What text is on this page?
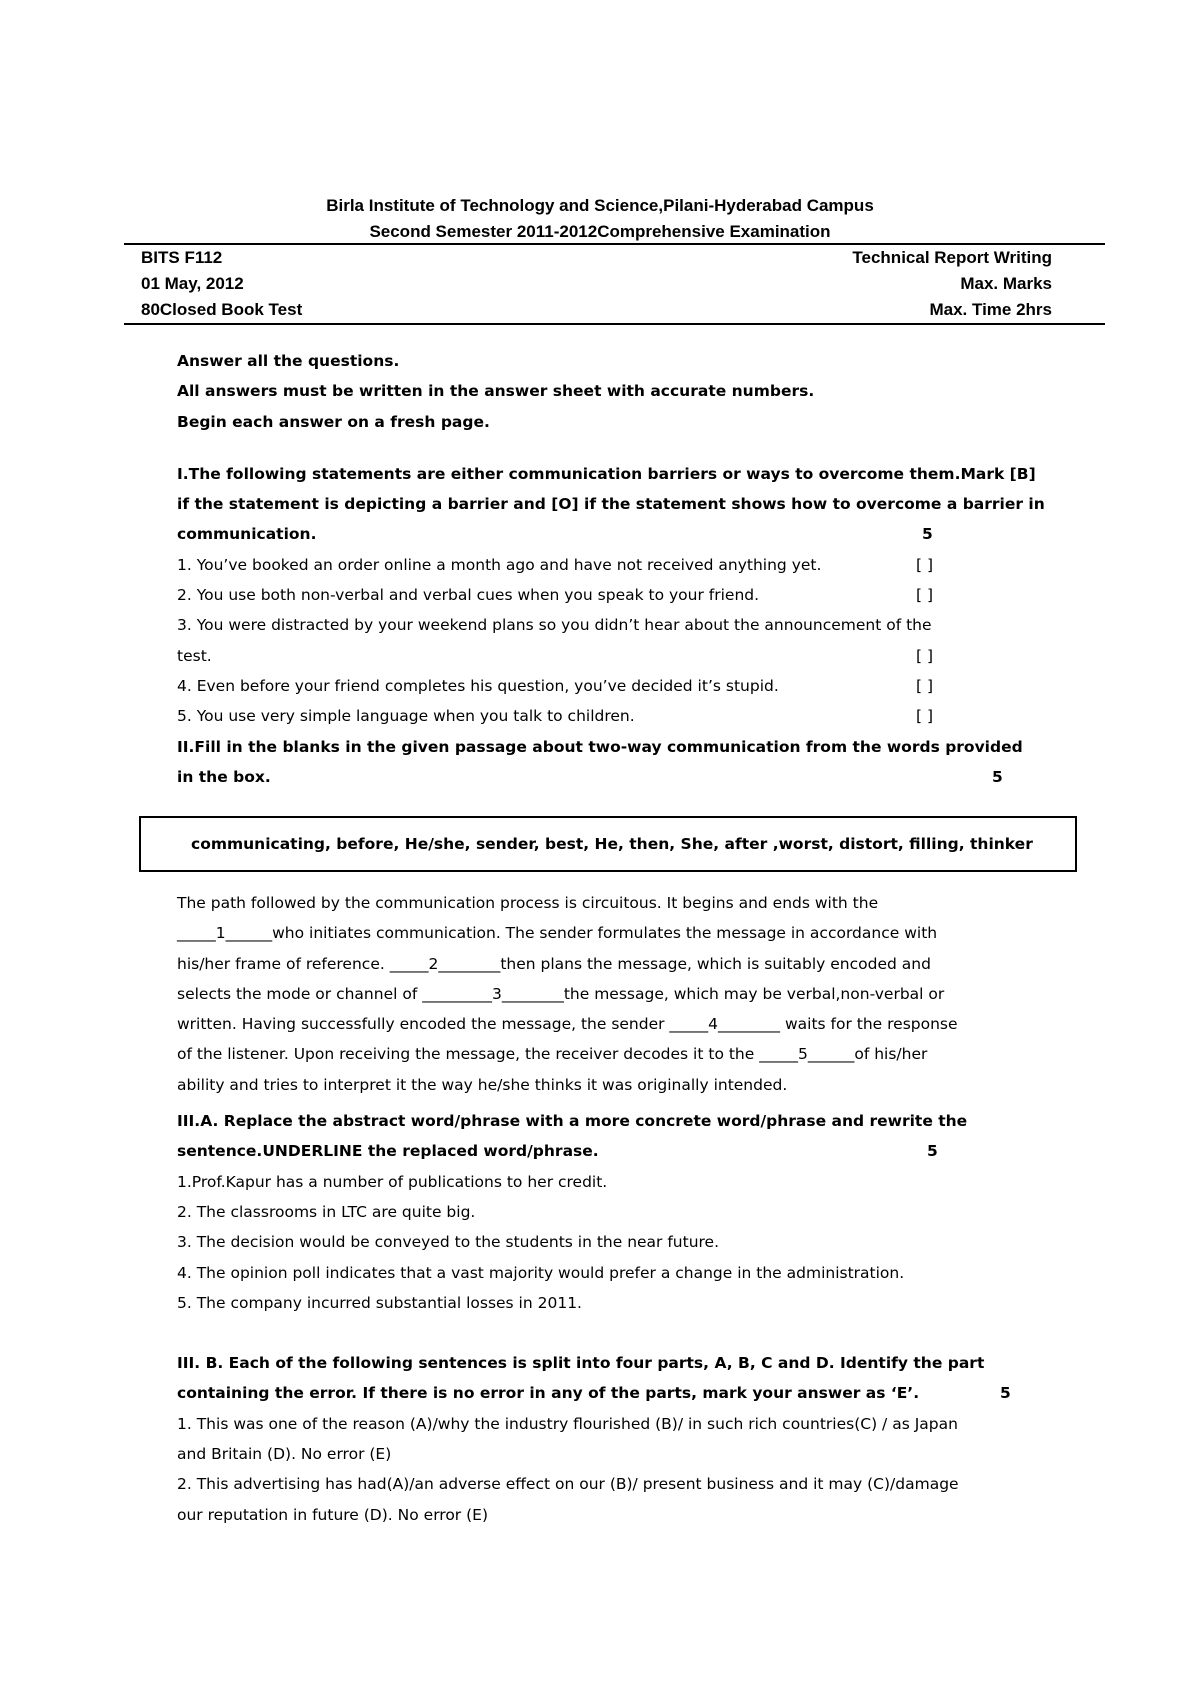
Birla Institute of Technology and Science,Pilani-Hyderabad Campus
Second Semester 2011-2012Comprehensive Examination
BITS F112	Technical Report Writing
01 May, 2012	Max. Marks
80Closed Book Test	Max. Time 2hrs
Answer all the questions.
All answers must be written in the answer sheet with accurate numbers.
Begin each answer on a fresh page.
I.The following statements are either communication barriers or ways to overcome them.Mark [B]
if the statement is depicting a barrier and [O] if the statement shows how to overcome a barrier in
communication.	5
1. You’ve booked an order online a month ago and have not received anything yet.	[ ]
2. You use both non-verbal and verbal cues when you speak to your friend.	[ ]
3. You were distracted by your weekend plans so you didn’t hear about the announcement of the
test.	[ ]
4. Even before your friend completes his question, you’ve decided it’s stupid.	[ ]
5. You use very simple language when you talk to children.	[ ]
II.Fill in the blanks in the given passage about two-way communication from the words provided
in the box.	5
communicating, before, He/she, sender, best, He, then, She, after ,worst, distort, filling, thinker
The path followed by the communication process is circuitous. It begins and ends with the
_____1______who initiates communication. The sender formulates the message in accordance with
his/her frame of reference. _____2________then plans the message, which is suitably encoded and
selects the mode or channel of _________3________the message, which may be verbal,non-verbal or
written. Having successfully encoded the message, the sender _____4________ waits for the response
of the listener. Upon receiving the message, the receiver decodes it to the _____5______of his/her
ability and tries to interpret it the way he/she thinks it was originally intended.
III.A. Replace the abstract word/phrase with a more concrete word/phrase and rewrite the
sentence.UNDERLINE the replaced word/phrase.	5
1.Prof.Kapur has a number of publications to her credit.
2. The classrooms in LTC are quite big.
3. The decision would be conveyed to the students in the near future.
4. The opinion poll indicates that a vast majority would prefer a change in the administration.
5. The company incurred substantial losses in 2011.
III. B. Each of the following sentences is split into four parts, A, B, C and D. Identify the part
containing the error. If there is no error in any of the parts, mark your answer as ‘E’.	5
1. This was one of the reason (A)/why the industry flourished (B)/ in such rich countries(C) / as Japan
and Britain (D). No error (E)
2. This advertising has had(A)/an adverse effect on our (B)/ present business and it may (C)/damage
our reputation in future (D). No error (E)
